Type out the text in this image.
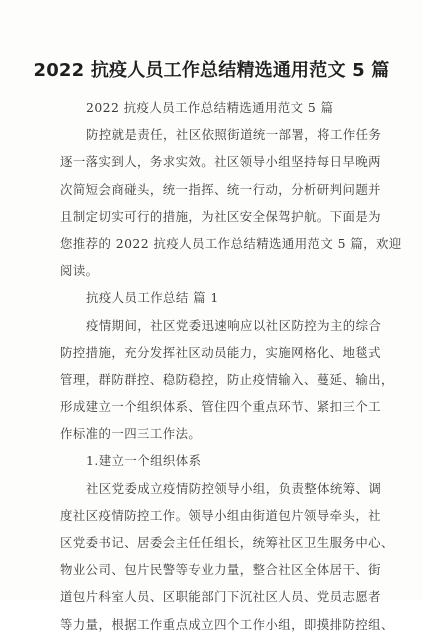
2022 抗疫人员工作总结精选通用范文 5 篇

2022 抗疫人员工作总结精选通用范文 5 篇

防控就是责任，社区依照街道统一部署，将工作任务

逐一落实到人，务求实效。社区领导小组坚持每日早晚两

次简短会商碰头，统一指挥、统一行动，分析研判问题并

且制定切实可行的措施，为社区安全保驾护航。下面是为

您推荐的 2022 抗疫人员工作总结精选通用范文 5 篇，欢迎

阅读。

抗疫人员工作总结 篇 1

疫情期间，社区党委迅速响应以社区防控为主的综合

防控措施，充分发挥社区动员能力，实施网格化、地毯式

管理，群防群控、稳防稳控，防止疫情输入、蔓延、输出，

形成建立一个组织体系、管住四个重点环节、紧扣三个工

作标准的一四三工作法。

1.建立一个组织体系

社区党委成立疫情防控领导小组，负责整体统筹、调

度社区疫情防控工作。领导小组由街道包片领导牵头，社

区党委书记、居委会主任任组长，统筹社区卫生服务中心、

物业公司、包片民警等专业力量，整合社区全体居干、街

道包片科室人员、区职能部门下沉社区人员、党员志愿者

等力量，根据工作重点成立四个工作小组，即摸排防控组、
